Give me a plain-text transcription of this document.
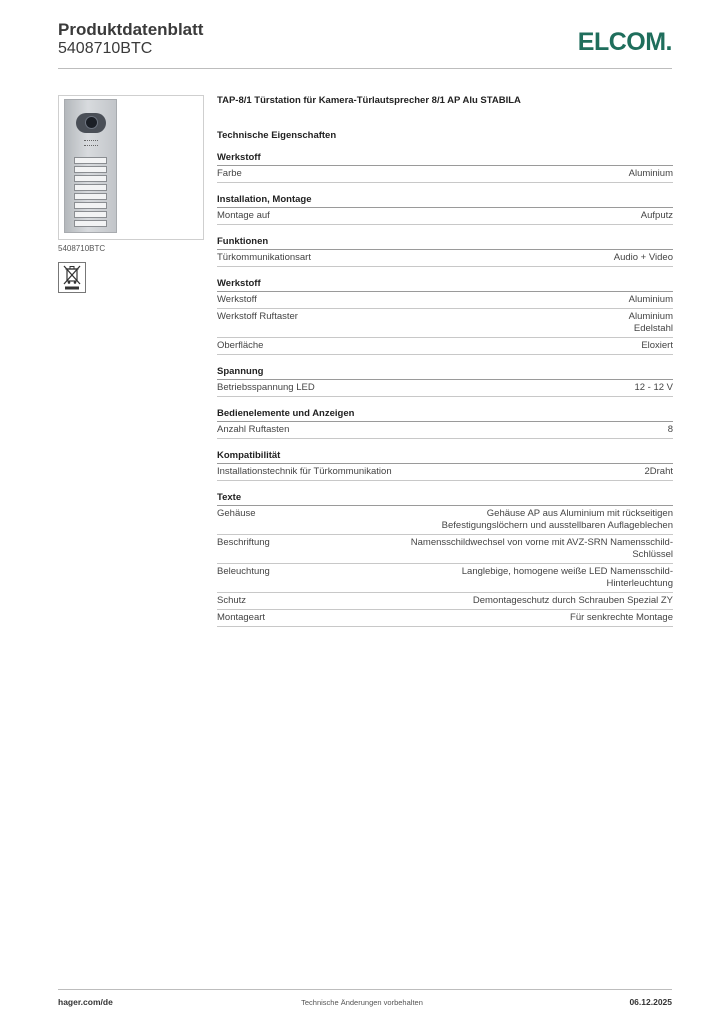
Produktdatenblatt
5408710BTC	ELCOM.
5408710BTC
TAP-8/1 Türstation für Kamera-Türlautsprecher 8/1 AP Alu STABILA
Technische Eigenschaften
Werkstoff
Farbe	Aluminium
Installation, Montage
Montage auf	Aufputz
Funktionen
Türkommunikationsart	Audio + Video
Werkstoff
Werkstoff	Aluminium
Werkstoff Ruftaster	Aluminium
Edelstahl
Oberfläche	Eloxiert
Spannung
Betriebsspannung LED	12 - 12 V
Bedienelemente und Anzeigen
Anzahl Ruftasten	8
Kompatibilität
Installationstechnik für Türkommunikation	2Draht
Texte
Gehäuse	Gehäuse AP aus Aluminium mit rückseitigen
Befestigungslöchern und ausstellbaren Auflageblechen
Beschriftung	Namensschildwechsel von vorne mit AVZ-SRN Namensschild-
Schlüssel
Beleuchtung	Langlebige, homogene weiße LED Namensschild-
Hinterleuchtung
Schutz	Demontageschutz durch Schrauben Spezial ZY
Montageart	Für senkrechte Montage
hager.com/de	Technische Änderungen vorbehalten	06.12.2025
